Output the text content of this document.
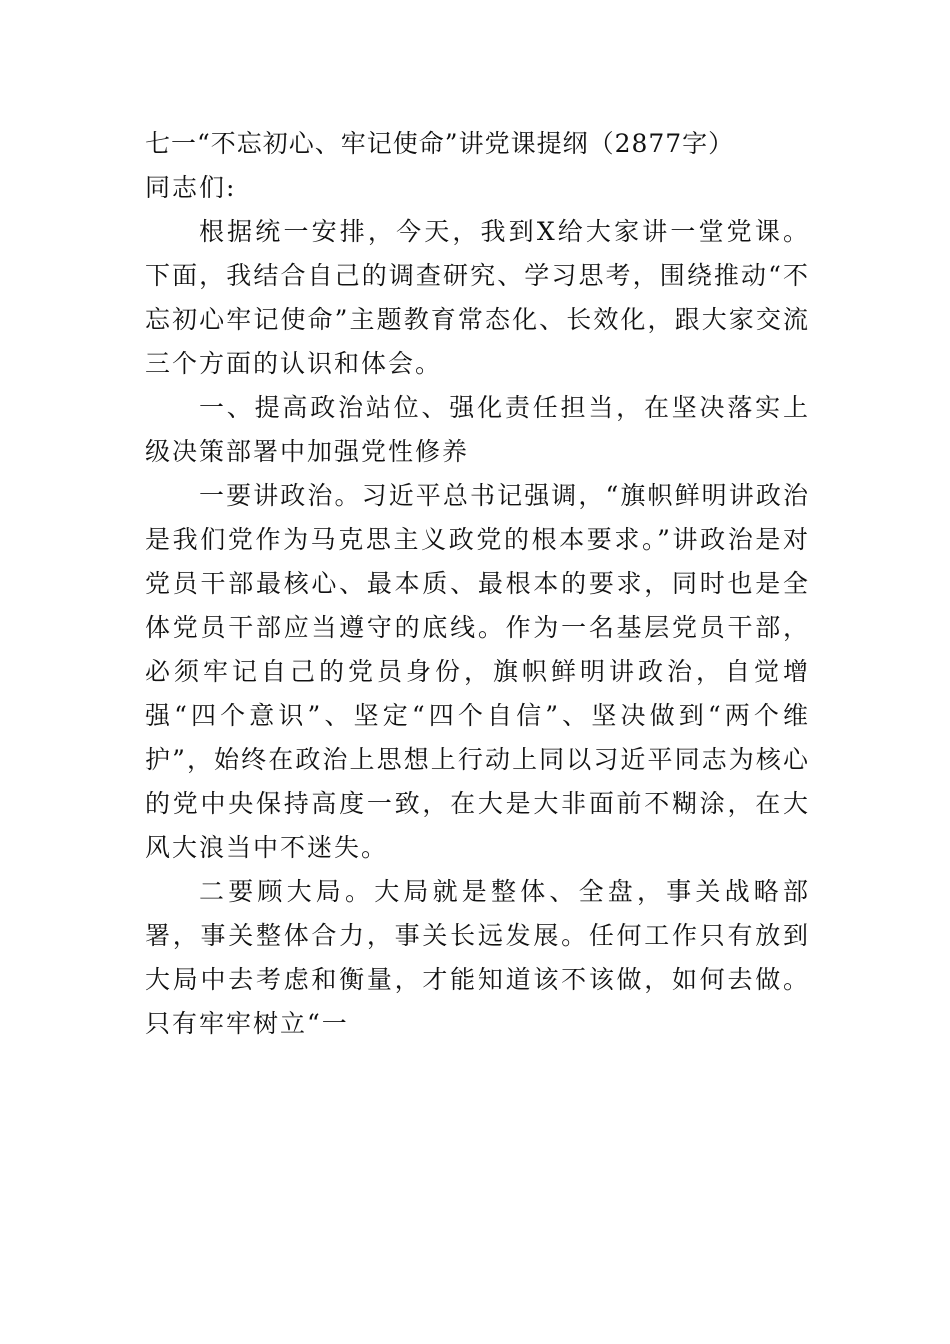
七一“不忘初心、牢记使命”讲党课提纲（2877字）

同志们:

根据统一安排，今天，我到X给大家讲一堂党课。下面，我结合自己的调查研究、学习思考，围绕推动“不忘初心牢记使命”主题教育常态化、长效化，跟大家交流三个方面的认识和体会。

一、提高政治站位、强化责任担当，在坚决落实上级决策部署中加强党性修养

一要讲政治。习近平总书记强调，“旗帜鲜明讲政治是我们党作为马克思主义政党的根本要求。”讲政治是对党员干部最核心、最本质、最根本的要求，同时也是全体党员干部应当遵守的底线。作为一名基层党员干部，必须牢记自己的党员身份，旗帜鲜明讲政治，自觉增强“四个意识”、坚定“四个自信”、坚决做到“两个维护”，始终在政治上思想上行动上同以习近平同志为核心的党中央保持高度一致，在大是大非面前不糊涂，在大风大浪当中不迷失。

二要顾大局。大局就是整体、全盘，事关战略部署，事关整体合力，事关长远发展。任何工作只有放到大局中去考虑和衡量，才能知道该不该做，如何去做。只有牢牢树立“一
